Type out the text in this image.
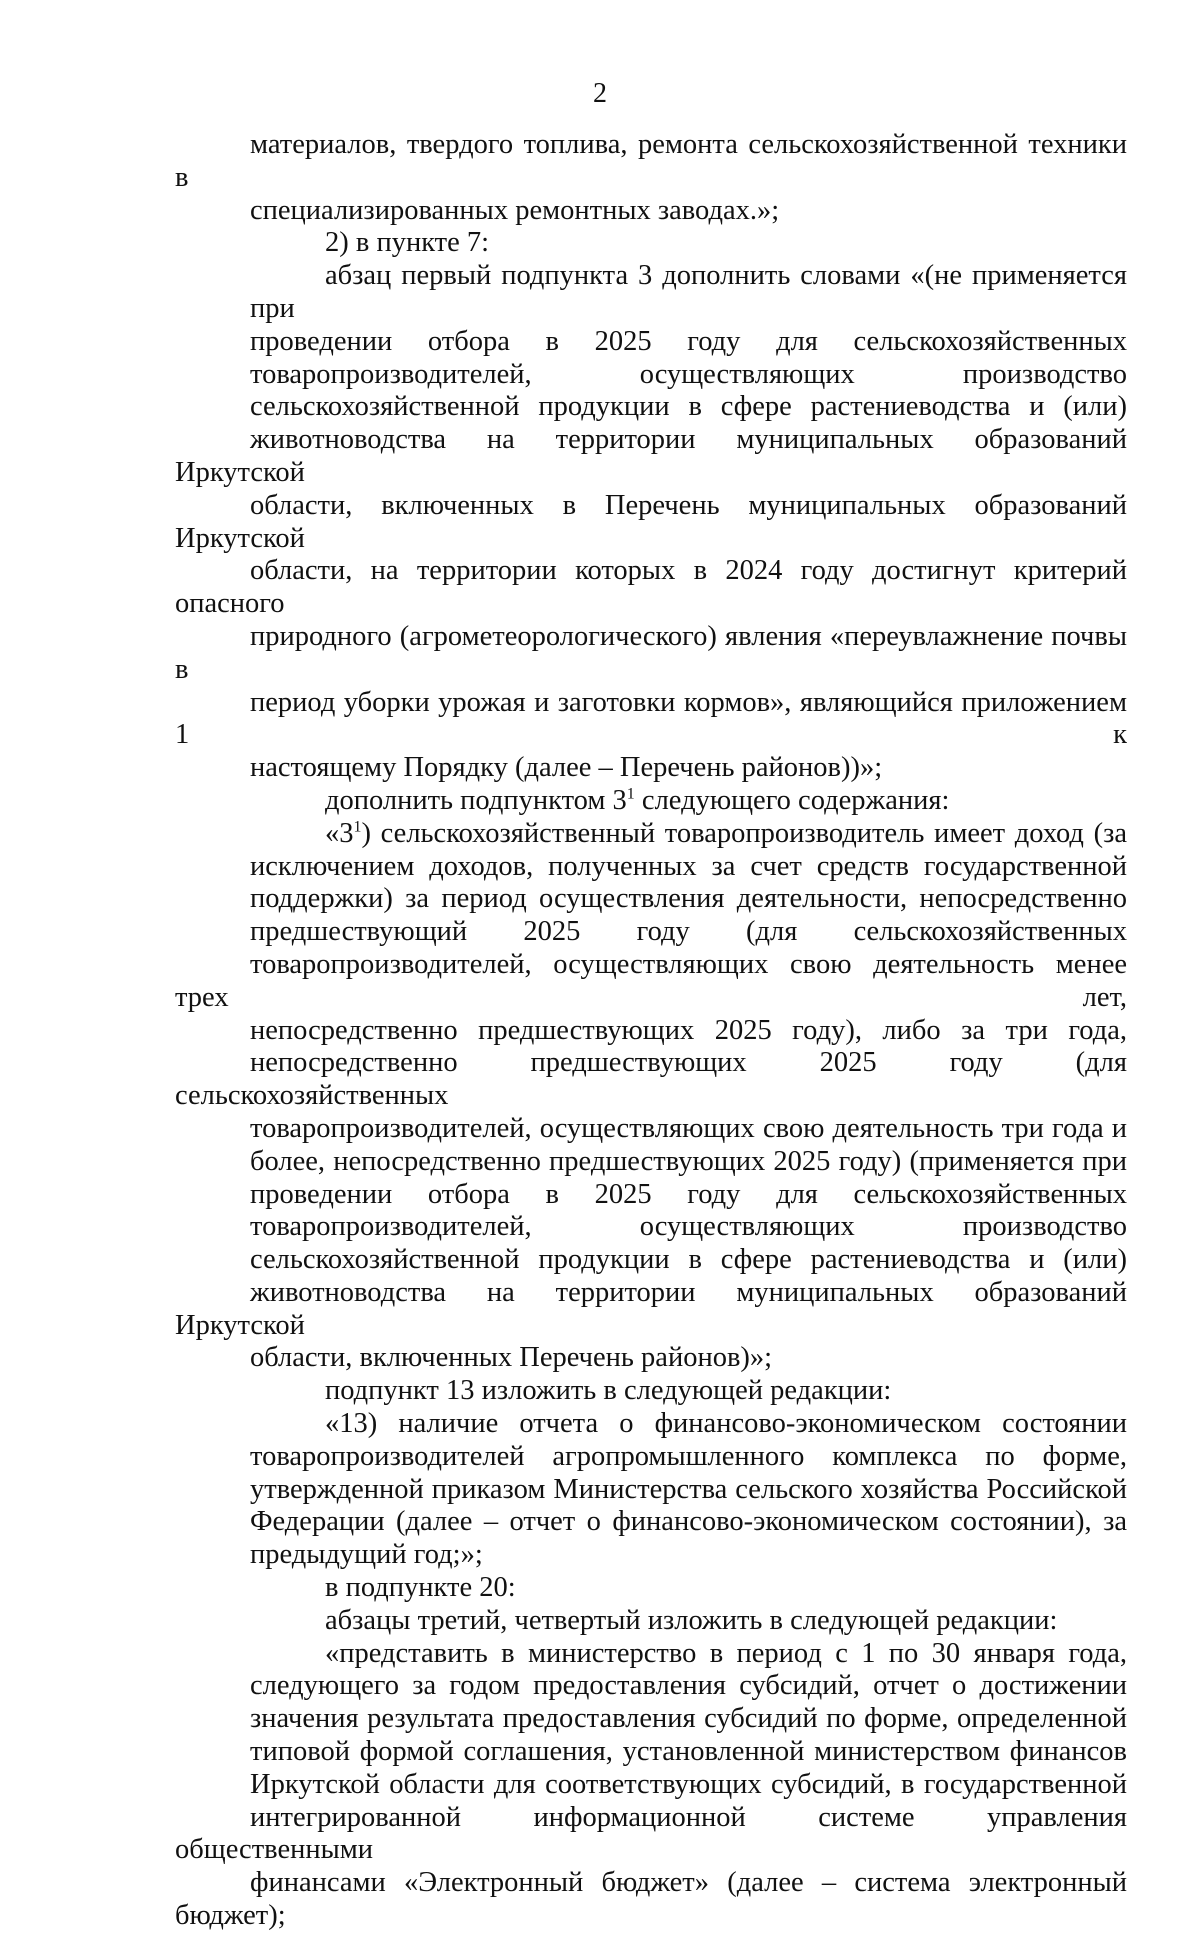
2
материалов, твердого топлива, ремонта сельскохозяйственной техники в
специализированных ремонтных заводах.»;
2) в пункте 7:
абзац первый подпункта 3 дополнить словами «(не применяется при
проведении отбора в 2025 году для сельскохозяйственных
товаропроизводителей, осуществляющих производство
сельскохозяйственной продукции в сфере растениеводства и (или)
животноводства на территории муниципальных образований Иркутской
области, включенных в Перечень муниципальных образований Иркутской
области, на территории которых в 2024 году достигнут критерий опасного
природного (агрометеорологического) явления «переувлажнение почвы в
период уборки урожая и заготовки кормов», являющийся приложением 1 к
настоящему Порядку (далее – Перечень районов))»;
дополнить подпунктом $3^1$ следующего содержания:
«$3^1$) сельскохозяйственный товаропроизводитель имеет доход (за
исключением доходов, полученных за счет средств государственной
поддержки) за период осуществления деятельности, непосредственно
предшествующий 2025 году (для сельскохозяйственных
товаропроизводителей, осуществляющих свою деятельность менее трех лет,
непосредственно предшествующих 2025 году), либо за три года,
непосредственно предшествующих 2025 году (для сельскохозяйственных
товаропроизводителей, осуществляющих свою деятельность три года и
более, непосредственно предшествующих 2025 году) (применяется при
проведении отбора в 2025 году для сельскохозяйственных
товаропроизводителей, осуществляющих производство
сельскохозяйственной продукции в сфере растениеводства и (или)
животноводства на территории муниципальных образований Иркутской
области, включенных Перечень районов)»;
подпункт 13 изложить в следующей редакции:
«13) наличие отчета о финансово-экономическом состоянии
товаропроизводителей агропромышленного комплекса по форме,
утвержденной приказом Министерства сельского хозяйства Российской
Федерации (далее – отчет о финансово-экономическом состоянии), за
предыдущий год;»;
в подпункте 20:
абзацы третий, четвертый изложить в следующей редакции:
«представить в министерство в период с 1 по 30 января года,
следующего за годом предоставления субсидий, отчет о достижении
значения результата предоставления субсидий по форме, определенной
типовой формой соглашения, установленной министерством финансов
Иркутской области для соответствующих субсидий, в государственной
интегрированной информационной системе управления общественными
финансами «Электронный бюджет» (далее – система электронный бюджет);
